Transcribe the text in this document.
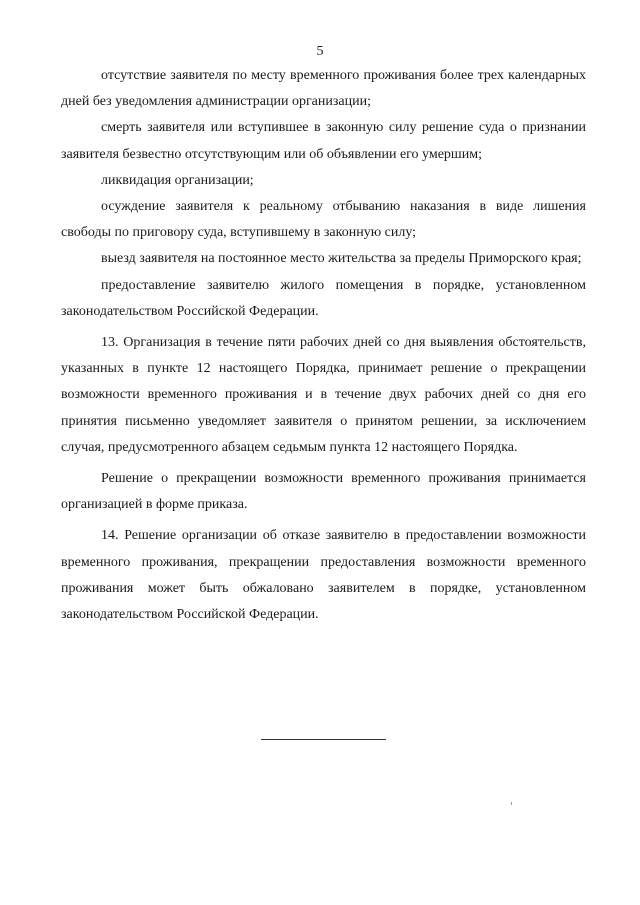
5

отсутствие заявителя по месту временного проживания более трех календарных дней без уведомления администрации организации;

смерть заявителя или вступившее в законную силу решение суда о признании заявителя безвестно отсутствующим или об объявлении его умершим;

ликвидация организации;

осуждение заявителя к реальному отбыванию наказания в виде лишения свободы по приговору суда, вступившему в законную силу;

выезд заявителя на постоянное место жительства за пределы Приморского края;

предоставление заявителю жилого помещения в порядке, установленном законодательством Российской Федерации.

13. Организация в течение пяти рабочих дней со дня выявления обстоятельств, указанных в пункте 12 настоящего Порядка, принимает решение о прекращении возможности временного проживания и в течение двух рабочих дней со дня его принятия письменно уведомляет заявителя о принятом решении, за исключением случая, предусмотренного абзацем седьмым пункта 12 настоящего Порядка.

Решение о прекращении возможности временного проживания принимается организацией в форме приказа.

14. Решение организации об отказе заявителю в предоставлении возможности временного проживания, прекращении предоставления возможности временного проживания может быть обжаловано заявителем в порядке, установленном законодательством Российской Федерации.
